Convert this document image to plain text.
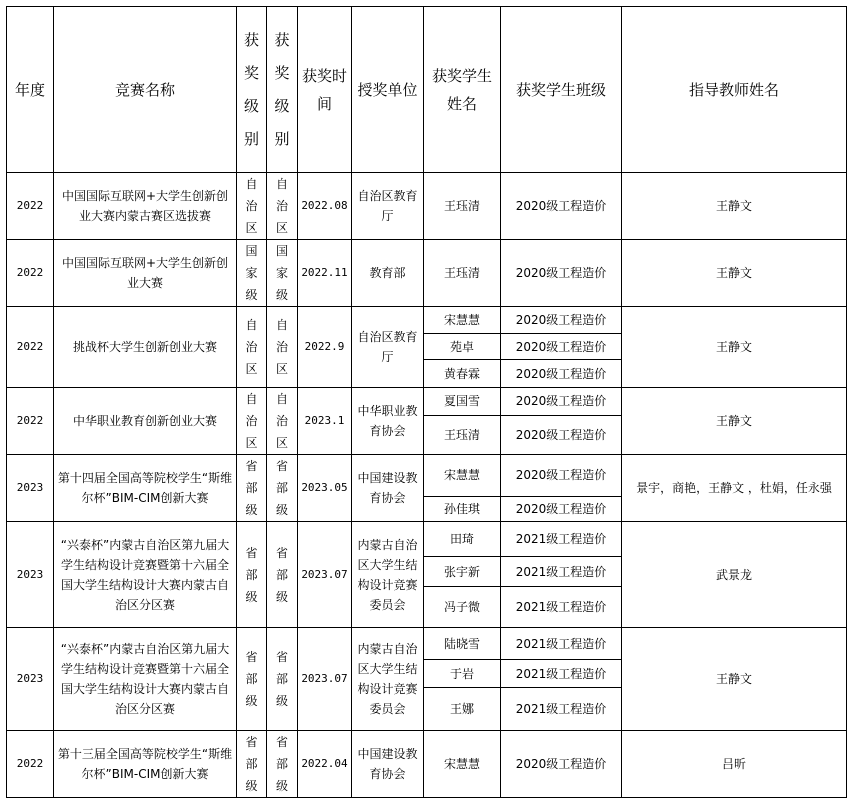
年度	竞赛名称	获奖级别	获奖级别	获奖时间	授奖单位	获奖学生姓名	获奖学生班级	指导教师姓名
2022	中国国际互联网+大学生创新创业大赛内蒙古赛区选拔赛	自治区	自治区	2022.08	自治区教育厅	王珏清	2020级工程造价	王静文
2022	中国国际互联网+大学生创新创业大赛	国家级	国家级	2022.11	教育部	王珏清	2020级工程造价	王静文
2022	挑战杯大学生创新创业大赛	自治区	自治区	2022.9	自治区教育厅	宋慧慧	2020级工程造价	王静文
						苑卓	2020级工程造价	
						黄春霖	2020级工程造价	
2022	中华职业教育创新创业大赛	自治区	自治区	2023.1	中华职业教育协会	夏国雪	2020级工程造价	王静文
						王珏清	2020级工程造价	
2023	第十四届全国高等院校学生“斯维尔杯”BIM-CIM创新大赛	省部级	省部级	2023.05	中国建设教育协会	宋慧慧	2020级工程造价	景宇，商艳，王静文 ，杜娟，任永强
						孙佳琪	2020级工程造价	
2023	“兴泰杯”内蒙古自治区第九届大学生结构设计竞赛暨第十六届全国大学生结构设计大赛内蒙古自治区分区赛	省部级	省部级	2023.07	内蒙古自治区大学生结构设计竞赛委员会	田琦	2021级工程造价	武景龙
						张宇新	2021级工程造价	
						冯子微	2021级工程造价	
2023	“兴泰杯”内蒙古自治区第九届大学生结构设计竞赛暨第十六届全国大学生结构设计大赛内蒙古自治区分区赛	省部级	省部级	2023.07	内蒙古自治区大学生结构设计竞赛委员会	陆晓雪	2021级工程造价	王静文
						于岩	2021级工程造价	
						王娜	2021级工程造价	
2022	第十三届全国高等院校学生“斯维尔杯”BIM-CIM创新大赛	省部级	省部级	2022.04	中国建设教育协会	宋慧慧	2020级工程造价	吕昕
